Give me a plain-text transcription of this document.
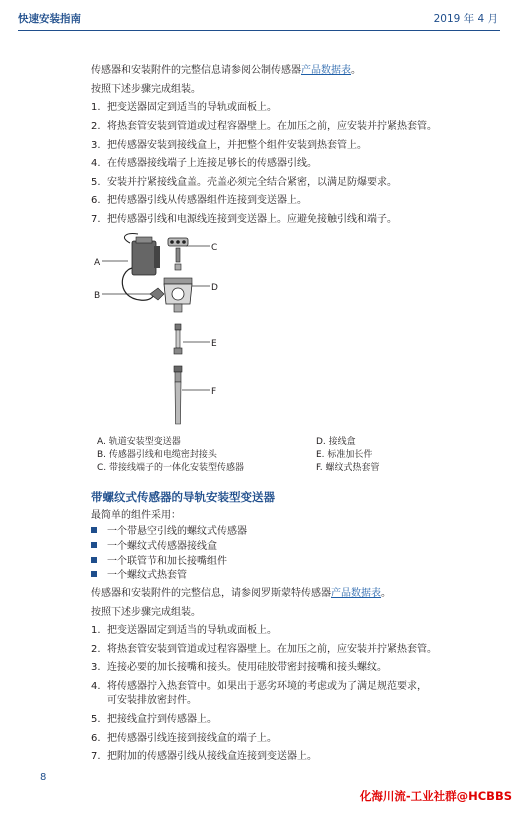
快速安装指南	2019 年 4 月
传感器和安装附件的完整信息请参阅公制传感器产品数据表。
按照下述步骤完成组装。
1. 把变送器固定到适当的导轨或面板上。
2. 将热套管安装到管道或过程容器壁上。在加压之前，应安装并拧紧热套管。
3. 把传感器安装到接线盒上，并把整个组件安装到热套管上。
4. 在传感器接线端子上连接足够长的传感器引线。
5. 安装并拧紧接线盒盖。壳盖必须完全结合紧密，以满足防爆要求。
6. 把传感器引线从传感器组件连接到变送器上。
7. 把传感器引线和电源线连接到变送器上。应避免接触引线和端子。
A
B
C
D
E
F
A. 轨道安装型变送器
B. 传感器引线和电缆密封接头
C. 带接线端子的一体化安装型传感器
D. 接线盒
E. 标准加长件
F. 螺纹式热套管
带螺纹式传感器的导轨安装型变送器
最简单的组件采用：
一个带悬空引线的螺纹式传感器
一个螺纹式传感器接线盒
一个联管节和加长接嘴组件
一个螺纹式热套管
传感器和安装附件的完整信息，请参阅罗斯蒙特传感器产品数据表。
按照下述步骤完成组装。
1. 把变送器固定到适当的导轨或面板上。
2. 将热套管安装到管道或过程容器壁上。在加压之前，应安装并拧紧热套管。
3. 连接必要的加长接嘴和接头。使用硅胶带密封接嘴和接头螺纹。
4. 将传感器拧入热套管中。如果出于恶劣环境的考虑或为了满足规范要求，
可安装排放密封件。
5. 把接线盒拧到传感器上。
6. 把传感器引线连接到接线盒的端子上。
7. 把附加的传感器引线从接线盒连接到变送器上。
8
化海川流-工业社群@HCBBS
